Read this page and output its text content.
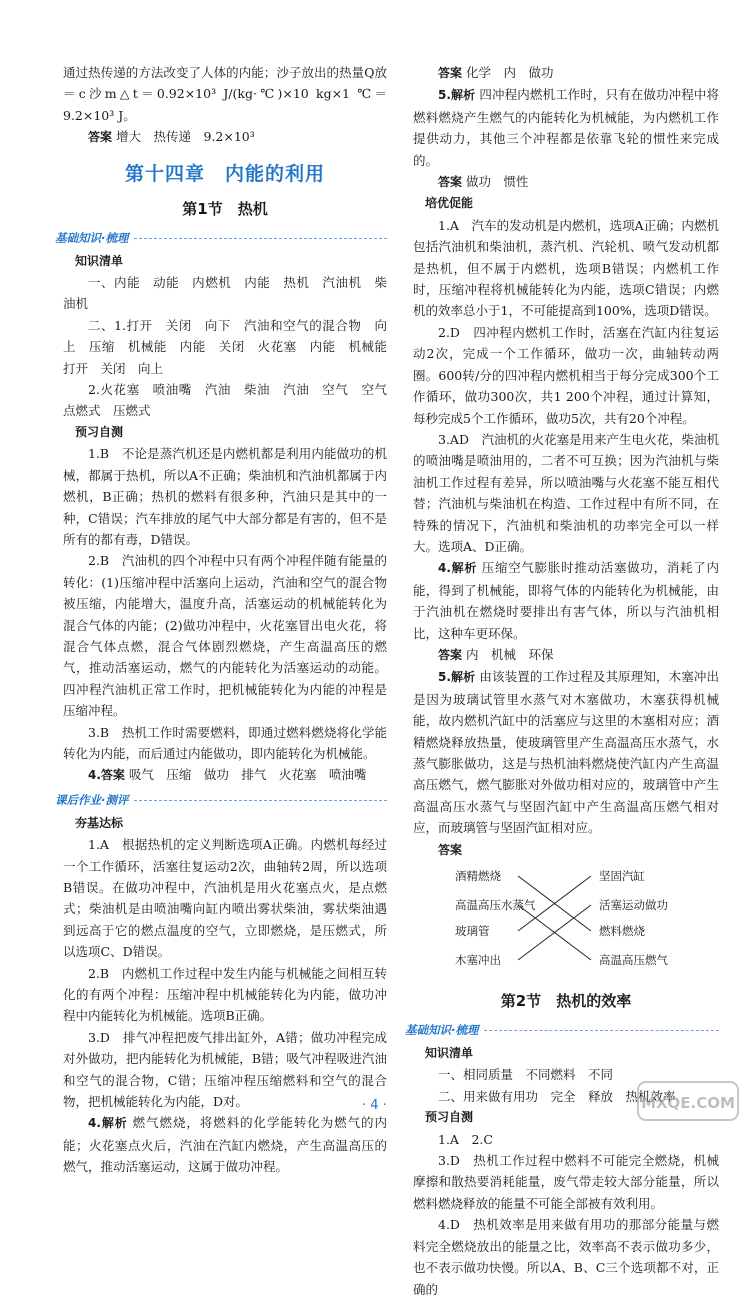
通过热传递的方法改变了人体的内能；沙子放出的热量Q放＝c沙m△t＝0.92×10³ J/(kg·℃)×10 kg×1 ℃＝9.2×10³ J。

答案 增大　热传递　9.2×10³

第十四章　内能的利用
第1节　热机
基础知识·梳理
知识清单

一、内能　动能　内燃机　内能　热机　汽油机　柴油机

二、1.打开　关闭　向下　汽油和空气的混合物　向上　压缩　机械能　内能　关闭　火花塞　内能　机械能　打开　关闭　向上

2.火花塞　喷油嘴　汽油　柴油　汽油　空气　空气　点燃式　压燃式

预习自测

1.B　不论是蒸汽机还是内燃机都是利用内能做功的机械，都属于热机，所以A不正确；柴油机和汽油机都属于内燃机，B正确；热机的燃料有很多种，汽油只是其中的一种，C错误；汽车排放的尾气中大部分都是有害的，但不是所有的都有毒，D错误。

2.B　汽油机的四个冲程中只有两个冲程伴随有能量的转化：(1)压缩冲程中活塞向上运动，汽油和空气的混合物被压缩，内能增大，温度升高，活塞运动的机械能转化为混合气体的内能；(2)做功冲程中，火花塞冒出电火花，将混合气体点燃，混合气体剧烈燃烧，产生高温高压的燃气，推动活塞运动，燃气的内能转化为活塞运动的动能。四冲程汽油机正常工作时，把机械能转化为内能的冲程是压缩冲程。

3.B　热机工作时需要燃料，即通过燃料燃烧将化学能转化为内能，而后通过内能做功，即内能转化为机械能。

4.答案 吸气　压缩　做功　排气　火花塞　喷油嘴

课后作业·测评
夯基达标

1.A　根据热机的定义判断选项A正确。内燃机每经过一个工作循环，活塞往复运动2次，曲轴转2周，所以选项B错误。在做功冲程中，汽油机是用火花塞点火，是点燃式；柴油机是由喷油嘴向缸内喷出雾状柴油，雾状柴油遇到远高于它的燃点温度的空气，立即燃烧，是压燃式，所以选项C、D错误。

2.B　内燃机工作过程中发生内能与机械能之间相互转化的有两个冲程：压缩冲程中机械能转化为内能，做功冲程中内能转化为机械能。选项B正确。

3.D　排气冲程把废气排出缸外，A错；做功冲程完成对外做功，把内能转化为机械能，B错；吸气冲程吸进汽油和空气的混合物，C错；压缩冲程压缩燃料和空气的混合物，把机械能转化为内能，D对。

4.解析 燃气燃烧，将燃料的化学能转化为燃气的内能；火花塞点火后，汽油在汽缸内燃烧，产生高温高压的燃气，推动活塞运动，这属于做功冲程。

答案 化学　内　做功

5.解析 四冲程内燃机工作时，只有在做功冲程中将燃料燃烧产生燃气的内能转化为机械能，为内燃机工作提供动力，其他三个冲程都是依靠飞轮的惯性来完成的。

答案 做功　惯性

培优促能

1.A　汽车的发动机是内燃机，选项A正确；内燃机包括汽油机和柴油机，蒸汽机、汽轮机、喷气发动机都是热机，但不属于内燃机，选项B错误；内燃机工作时，压缩冲程将机械能转化为内能，选项C错误；内燃机的效率总小于1，不可能提高到100%，选项D错误。

2.D　四冲程内燃机工作时，活塞在汽缸内往复运动2次，完成一个工作循环，做功一次，曲轴转动两圈。600转/分的四冲程内燃机相当于每分完成300个工作循环，做功300次，共1 200个冲程，通过计算知，每秒完成5个工作循环，做功5次，共有20个冲程。

3.AD　汽油机的火花塞是用来产生电火花，柴油机的喷油嘴是喷油用的，二者不可互换；因为汽油机与柴油机工作过程有差异，所以喷油嘴与火花塞不能互相代替；汽油机与柴油机在构造、工作过程中有所不同，在特殊的情况下，汽油机和柴油机的功率完全可以一样大。选项A、D正确。

4.解析 压缩空气膨胀时推动活塞做功，消耗了内能，得到了机械能，即将气体的内能转化为机械能，由于汽油机在燃烧时要排出有害气体，所以与汽油机相比，这种车更环保。

答案 内　机械　环保

5.解析 由该装置的工作过程及其原理知，木塞冲出是因为玻璃试管里水蒸气对木塞做功，木塞获得机械能，故内燃机汽缸中的活塞应与这里的木塞相对应；酒精燃烧释放热量，使玻璃管里产生高温高压水蒸气，水蒸气膨胀做功，这是与热机油料燃烧使汽缸内产生高温高压燃气，燃气膨胀对外做功相对应的，玻璃管中产生高温高压水蒸气与坚固汽缸中产生高温高压燃气相对应，而玻璃管与坚固汽缸相对应。

答案

酒精燃烧
高温高压水蒸气
玻璃管
木塞冲出
坚固汽缸
活塞运动做功
燃料燃烧
高温高压燃气
第2节　热机的效率
基础知识·梳理
知识清单

一、相同质量　不同燃料　不同

二、用来做有用功　完全　释放　热机效率

预习自测

1.A　2.C

3.D　热机工作过程中燃料不可能完全燃烧，机械摩擦和散热要消耗能量，废气带走较大部分能量，所以燃料燃烧释放的能量不可能全部被有效利用。

4.D　热机效率是用来做有用功的那部分能量与燃料完全燃烧放出的能量之比，效率高不表示做功多少，也不表示做功快慢。所以A、B、C三个选项都不对，正确的

· 4 ·	MXQE.COM
